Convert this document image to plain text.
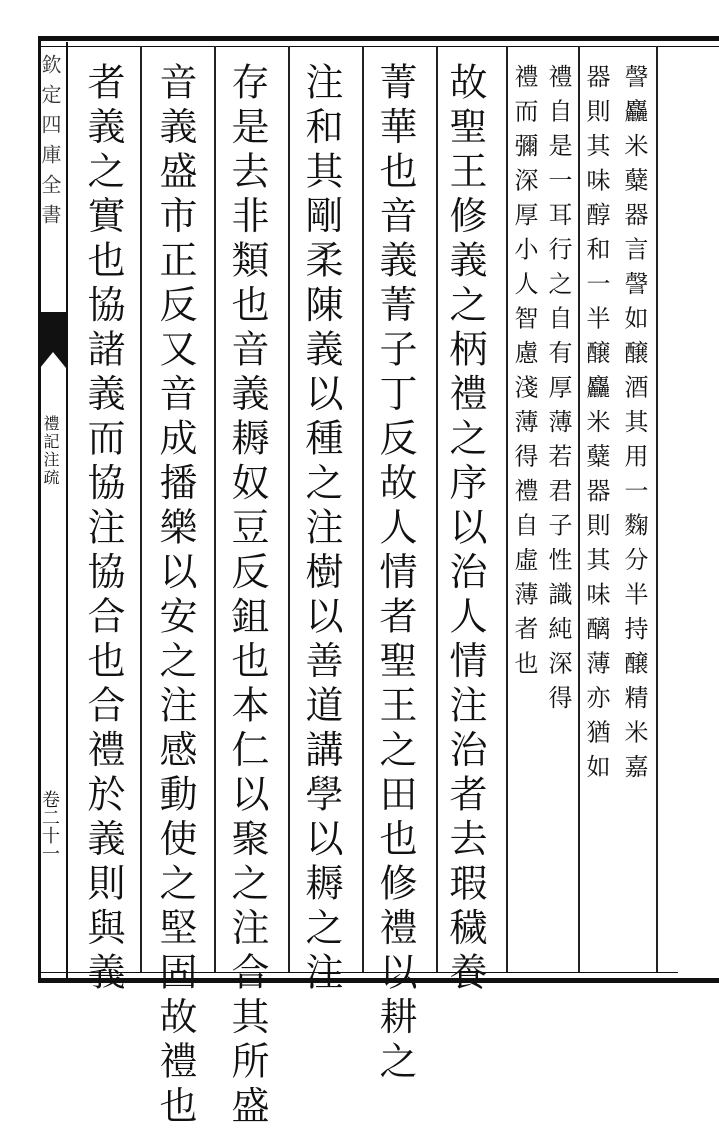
欽定四庫全書
禮記注疏
卷二十一
謦麤米糵器言謦如醸酒其用一麴分半持醸精米嘉
器則其味醇和一半醸麤米糵器則其味醨薄亦猶如
禮自是一耳行之自有厚薄若君子性識純深得
禮而彌深厚小人智慮淺薄得禮自虛薄者也
故聖王修義之柄禮之序以治人情注治者去瑕穢養
菁華也音義菁子丁反故人情者聖王之田也修禮以耕之
注和其剛柔陳義以種之注樹以善道講學以耨之注
存是去非類也音義耨奴豆反鉏也本仁以聚之注合其所盛
音義盛市正反又音成播樂以安之注感動使之堅固故禮也
者義之實也協諸義而協注協合也合禮於義則與義
